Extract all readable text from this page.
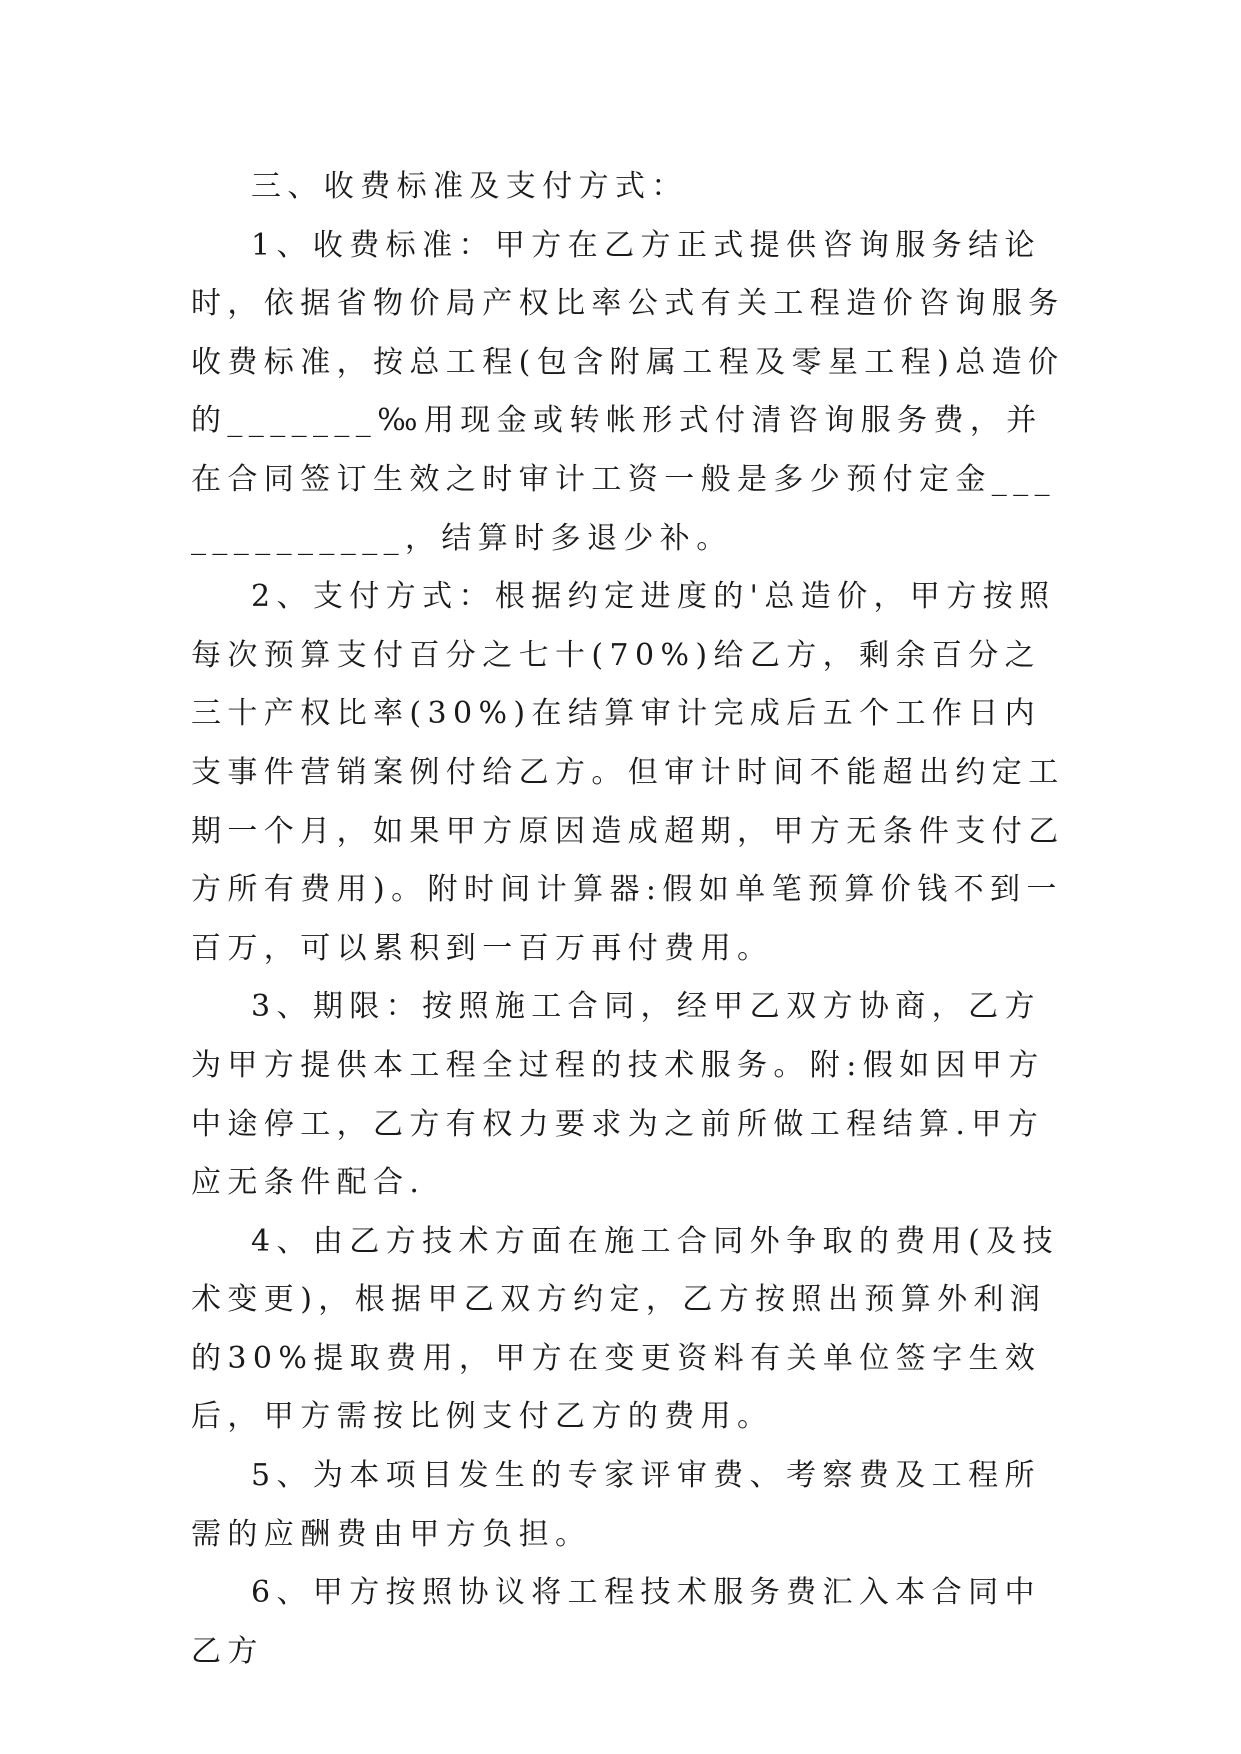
三、收费标准及支付方式：

1、收费标准：甲方在乙方正式提供咨询服务结论时，依据省物价局产权比率公式有关工程造价咨询服务收费标准，按总工程(包含附属工程及零星工程)总造价的_______‰用现金或转帐形式付清咨询服务费，并在合同签订生效之时审计工资一般是多少预付定金_____________，结算时多退少补。

2、支付方式：根据约定进度的'总造价，甲方按照每次预算支付百分之七十(70%)给乙方，剩余百分之三十产权比率(30%)在结算审计完成后五个工作日内支事件营销案例付给乙方。但审计时间不能超出约定工期一个月，如果甲方原因造成超期，甲方无条件支付乙方所有费用)。附时间计算器:假如单笔预算价钱不到一百万，可以累积到一百万再付费用。

3、期限：按照施工合同，经甲乙双方协商，乙方为甲方提供本工程全过程的技术服务。附:假如因甲方中途停工，乙方有权力要求为之前所做工程结算.甲方应无条件配合.

4、由乙方技术方面在施工合同外争取的费用(及技术变更)，根据甲乙双方约定，乙方按照出预算外利润的30%提取费用，甲方在变更资料有关单位签字生效后，甲方需按比例支付乙方的费用。

5、为本项目发生的专家评审费、考察费及工程所需的应酬费由甲方负担。

6、甲方按照协议将工程技术服务费汇入本合同中乙方
